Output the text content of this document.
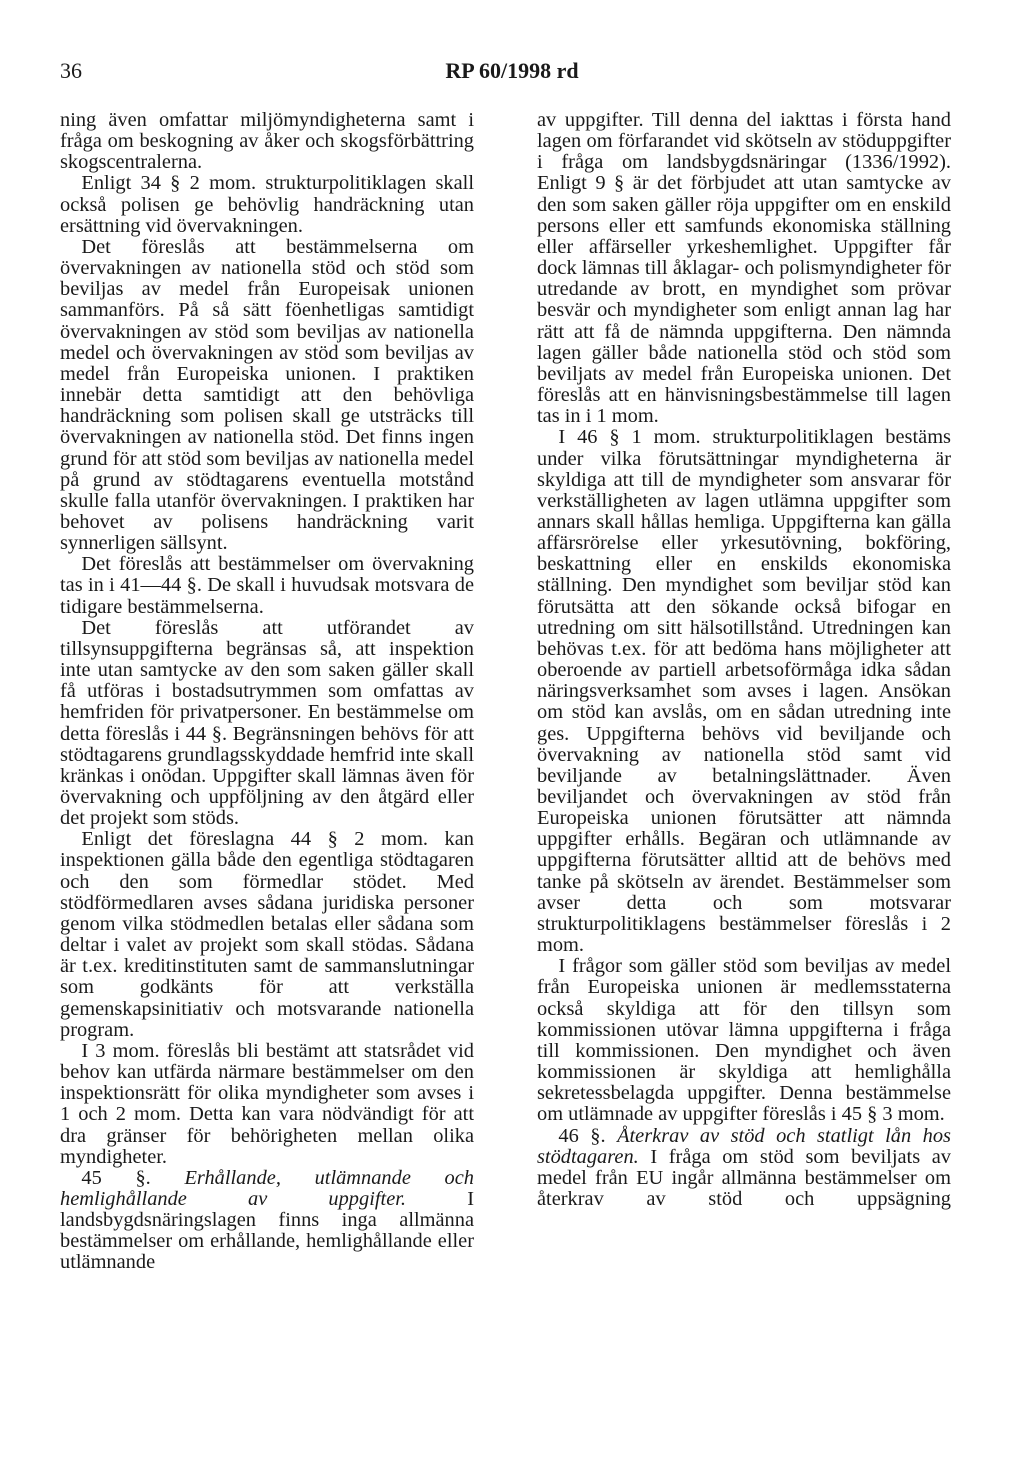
36	RP 60/1998 rd

ning även omfattar miljömyndigheterna samt i fråga om beskogning av åker och skogsförbättring skogscentralerna.

Enligt 34 § 2 mom. strukturpolitiklagen skall också polisen ge behövlig handräckning utan ersättning vid övervakningen.

Det föreslås att bestämmelserna om övervakningen av nationella stöd och stöd som beviljas av medel från Europeisak unionen sammanförs. På så sätt föenhetligas samtidigt övervakningen av stöd som beviljas av nationella medel och övervakningen av stöd som beviljas av medel från Europeiska unionen. I praktiken innebär detta samtidigt att den behövliga handräckning som polisen skall ge utsträcks till övervakningen av nationella stöd. Det finns ingen grund för att stöd som beviljas av nationella medel på grund av stödtagarens eventuella motstånd skulle falla utanför övervakningen. I praktiken har behovet av polisens handräckning varit synnerligen sällsynt.

Det föreslås att bestämmelser om övervakning tas in i 41—44 §. De skall i huvudsak motsvara de tidigare bestämmelserna.

Det föreslås att utförandet av tillsynsuppgifterna begränsas så, att inspektion inte utan samtycke av den som saken gäller skall få utföras i bostadsutrymmen som omfattas av hemfriden för privatpersoner. En bestämmelse om detta föreslås i 44 §. Begränsningen behövs för att stödtagarens grundlagsskyddade hemfrid inte skall kränkas i onödan. Uppgifter skall lämnas även för övervakning och uppföljning av den åtgärd eller det projekt som stöds.

Enligt det föreslagna 44 § 2 mom. kan inspektionen gälla både den egentliga stödtagaren och den som förmedlar stödet. Med stödförmedlaren avses sådana juridiska personer genom vilka stödmedlen betalas eller sådana som deltar i valet av projekt som skall stödas. Sådana är t.ex. kreditinstituten samt de sammanslutningar som godkänts för att verkställa gemenskapsinitiativ och motsvarande nationella program.

I 3 mom. föreslås bli bestämt att statsrådet vid behov kan utfärda närmare bestämmelser om den inspektionsrätt för olika myndigheter som avses i 1 och 2 mom. Detta kan vara nödvändigt för att dra gränser för behörigheten mellan olika myndigheter.

45 §. Erhållande, utlämnande och hemlighållande av uppgifter.	I landsbygdsnäringslagen finns inga allmänna bestämmelser om erhållande, hemlighållande eller utlämnande

av uppgifter. Till denna del iakttas i första hand lagen om förfarandet vid skötseln av stöduppgifter i fråga om landsbygdsnäringar (1336/1992). Enligt 9 § är det förbjudet att utan samtycke av den som saken gäller röja uppgifter om en enskild persons eller ett samfunds ekonomiska ställning eller affärseller yrkeshemlighet. Uppgifter får dock lämnas till åklagar- och polismyndigheter för utredande av brott, en myndighet som prövar besvär och myndigheter som enligt annan lag har rätt att få de nämnda uppgifterna. Den nämnda lagen gäller både nationella stöd och stöd som beviljats av medel från Europeiska unionen. Det föreslås att en hänvisningsbestämmelse till lagen tas in i 1 mom.

I 46 § 1 mom. strukturpolitiklagen bestäms under vilka förutsättningar myndigheterna är skyldiga att till de myndigheter som ansvarar för verkställigheten av lagen utlämna uppgifter som annars skall hållas hemliga. Uppgifterna kan gälla affärsrörelse eller yrkesutövning, bokföring, beskattning eller en enskilds ekonomiska ställning. Den myndighet som beviljar stöd kan förutsätta att den sökande också bifogar en utredning om sitt hälsotillstånd. Utredningen kan behövas t.ex. för att bedöma hans möjligheter att oberoende av partiell arbetsoförmåga idka sådan näringsverksamhet som avses i lagen. Ansökan om stöd kan avslås, om en sådan utredning inte ges. Uppgifterna behövs vid beviljande och övervakning av nationella stöd samt vid beviljande av betalningslättnader. Även beviljandet och övervakningen av stöd från Europeiska unionen förutsätter att nämnda uppgifter erhålls. Begäran och utlämnande av uppgifterna förutsätter alltid att de behövs med tanke på skötseln av ärendet. Bestämmelser som avser detta och som motsvarar strukturpolitiklagens bestämmelser föreslås i 2 mom.

I frågor som gäller stöd som beviljas av medel från Europeiska unionen är medlemsstaterna också skyldiga att för den tillsyn som kommissionen utövar lämna uppgifterna i fråga till kommissionen. Den myndighet och även kommissionen är skyldiga att hemlighålla sekretessbelagda uppgifter. Denna bestämmelse om utlämnade av uppgifter föreslås i 45 § 3 mom.

46 §. Återkrav av stöd och statligt lån hos stödtagaren. I fråga om stöd som beviljats av medel från EU ingår allmänna bestämmelser om återkrav av stöd och uppsägning
